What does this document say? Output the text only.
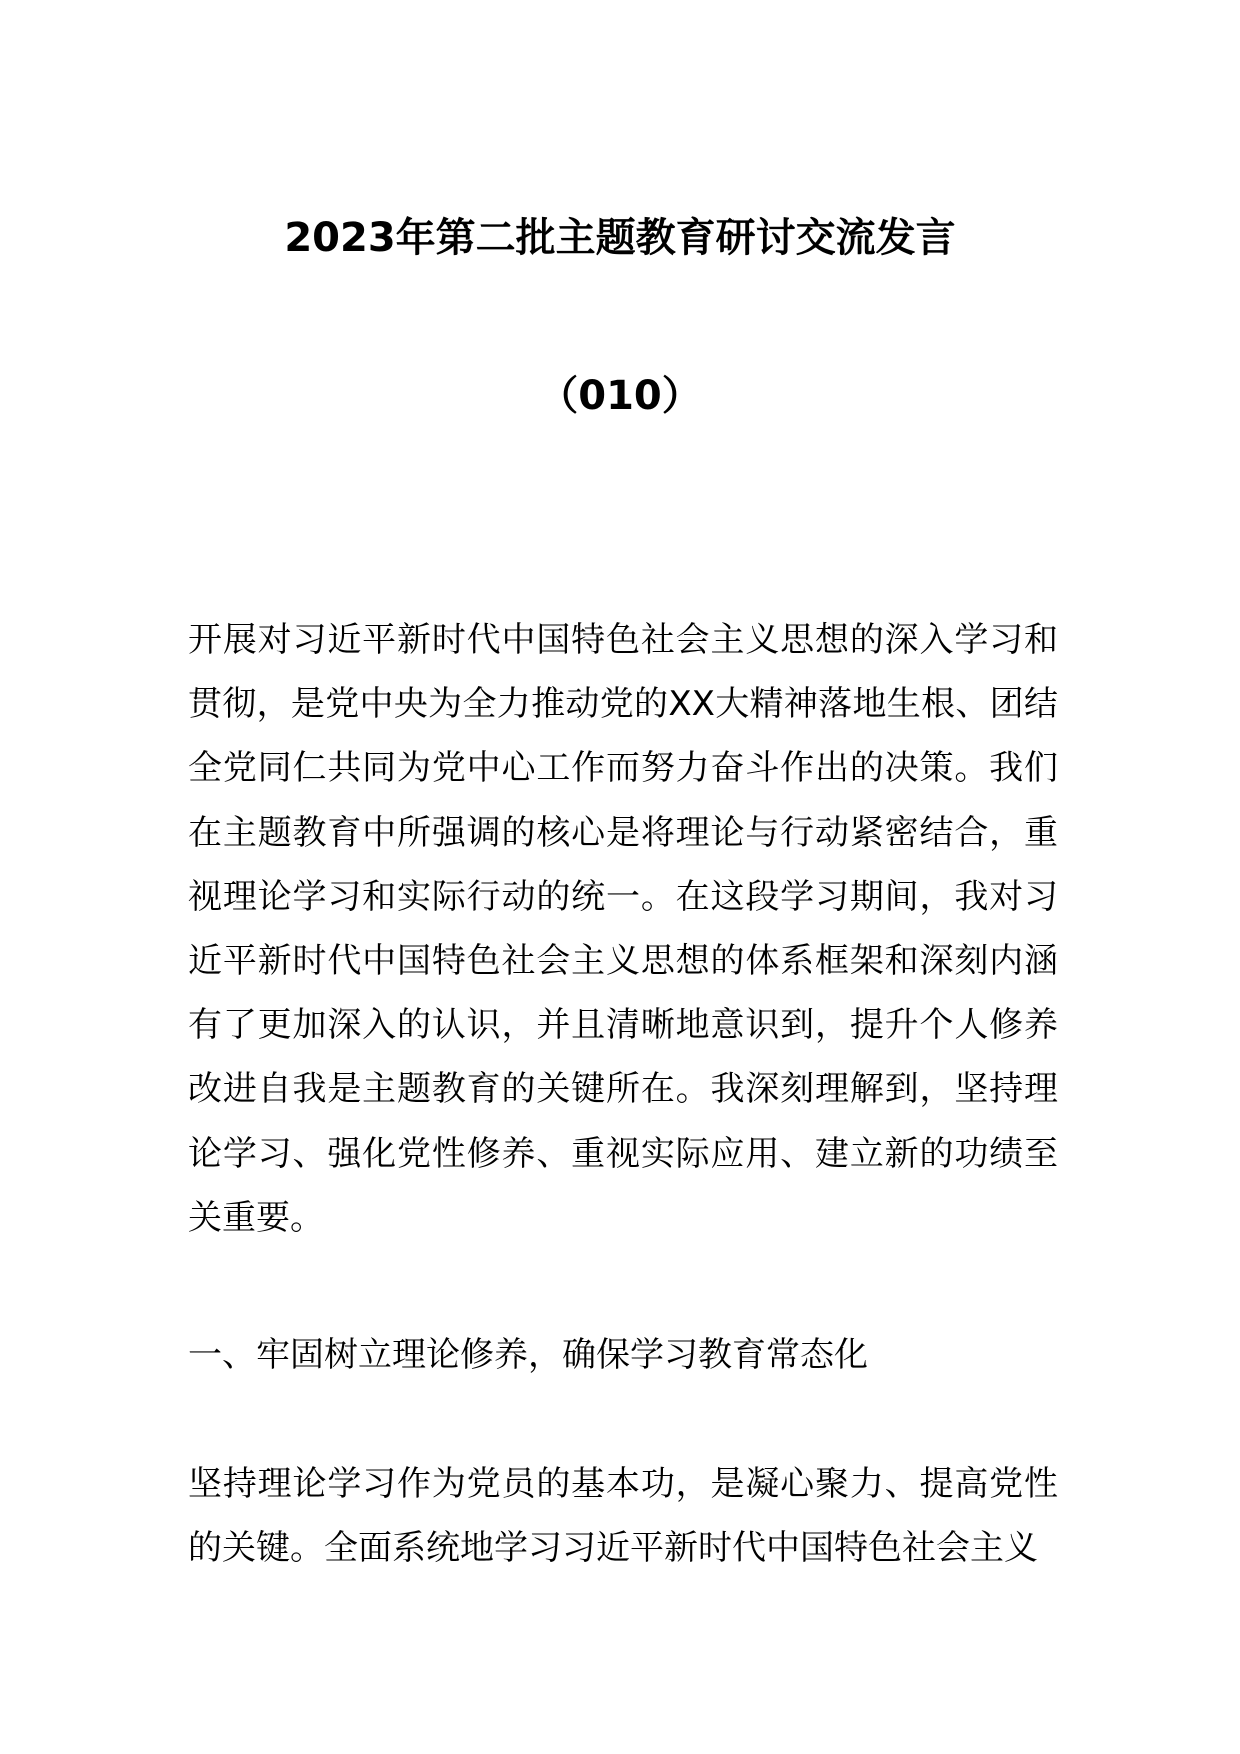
2023年第二批主题教育研讨交流发言
（010）
开展对习近平新时代中国特色社会主义思想的深入学习和贯彻，是党中央为全力推动党的XX大精神落地生根、团结全党同仁共同为党中心工作而努力奋斗作出的决策。我们在主题教育中所强调的核心是将理论与行动紧密结合，重视理论学习和实际行动的统一。在这段学习期间，我对习近平新时代中国特色社会主义思想的体系框架和深刻内涵有了更加深入的认识，并且清晰地意识到，提升个人修养改进自我是主题教育的关键所在。我深刻理解到，坚持理论学习、强化党性修养、重视实际应用、建立新的功绩至关重要。
一、牢固树立理论修养，确保学习教育常态化
坚持理论学习作为党员的基本功，是凝心聚力、提高党性的关键。全面系统地学习习近平新时代中国特色社会主义
